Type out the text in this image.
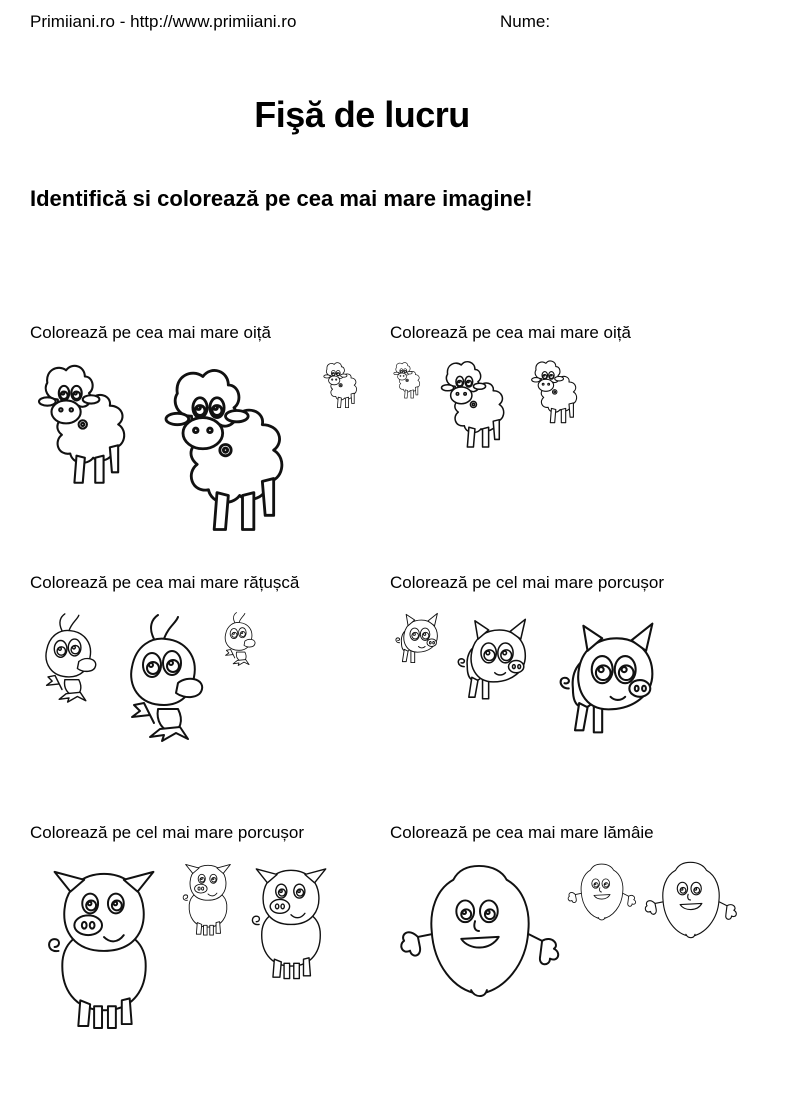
Primiiani.ro - http://www.primiiani.ro	Nume:
Fişă de lucru
Identifică si colorează pe cea mai mare imagine!
Colorează pe cea mai mare oiță	Colorează pe cea mai mare oiță
Colorează pe cea mai mare rățușcă	Colorează pe cel mai mare porcușor
Colorează pe cel mai mare porcușor	Colorează pe cea mai mare lămâie
